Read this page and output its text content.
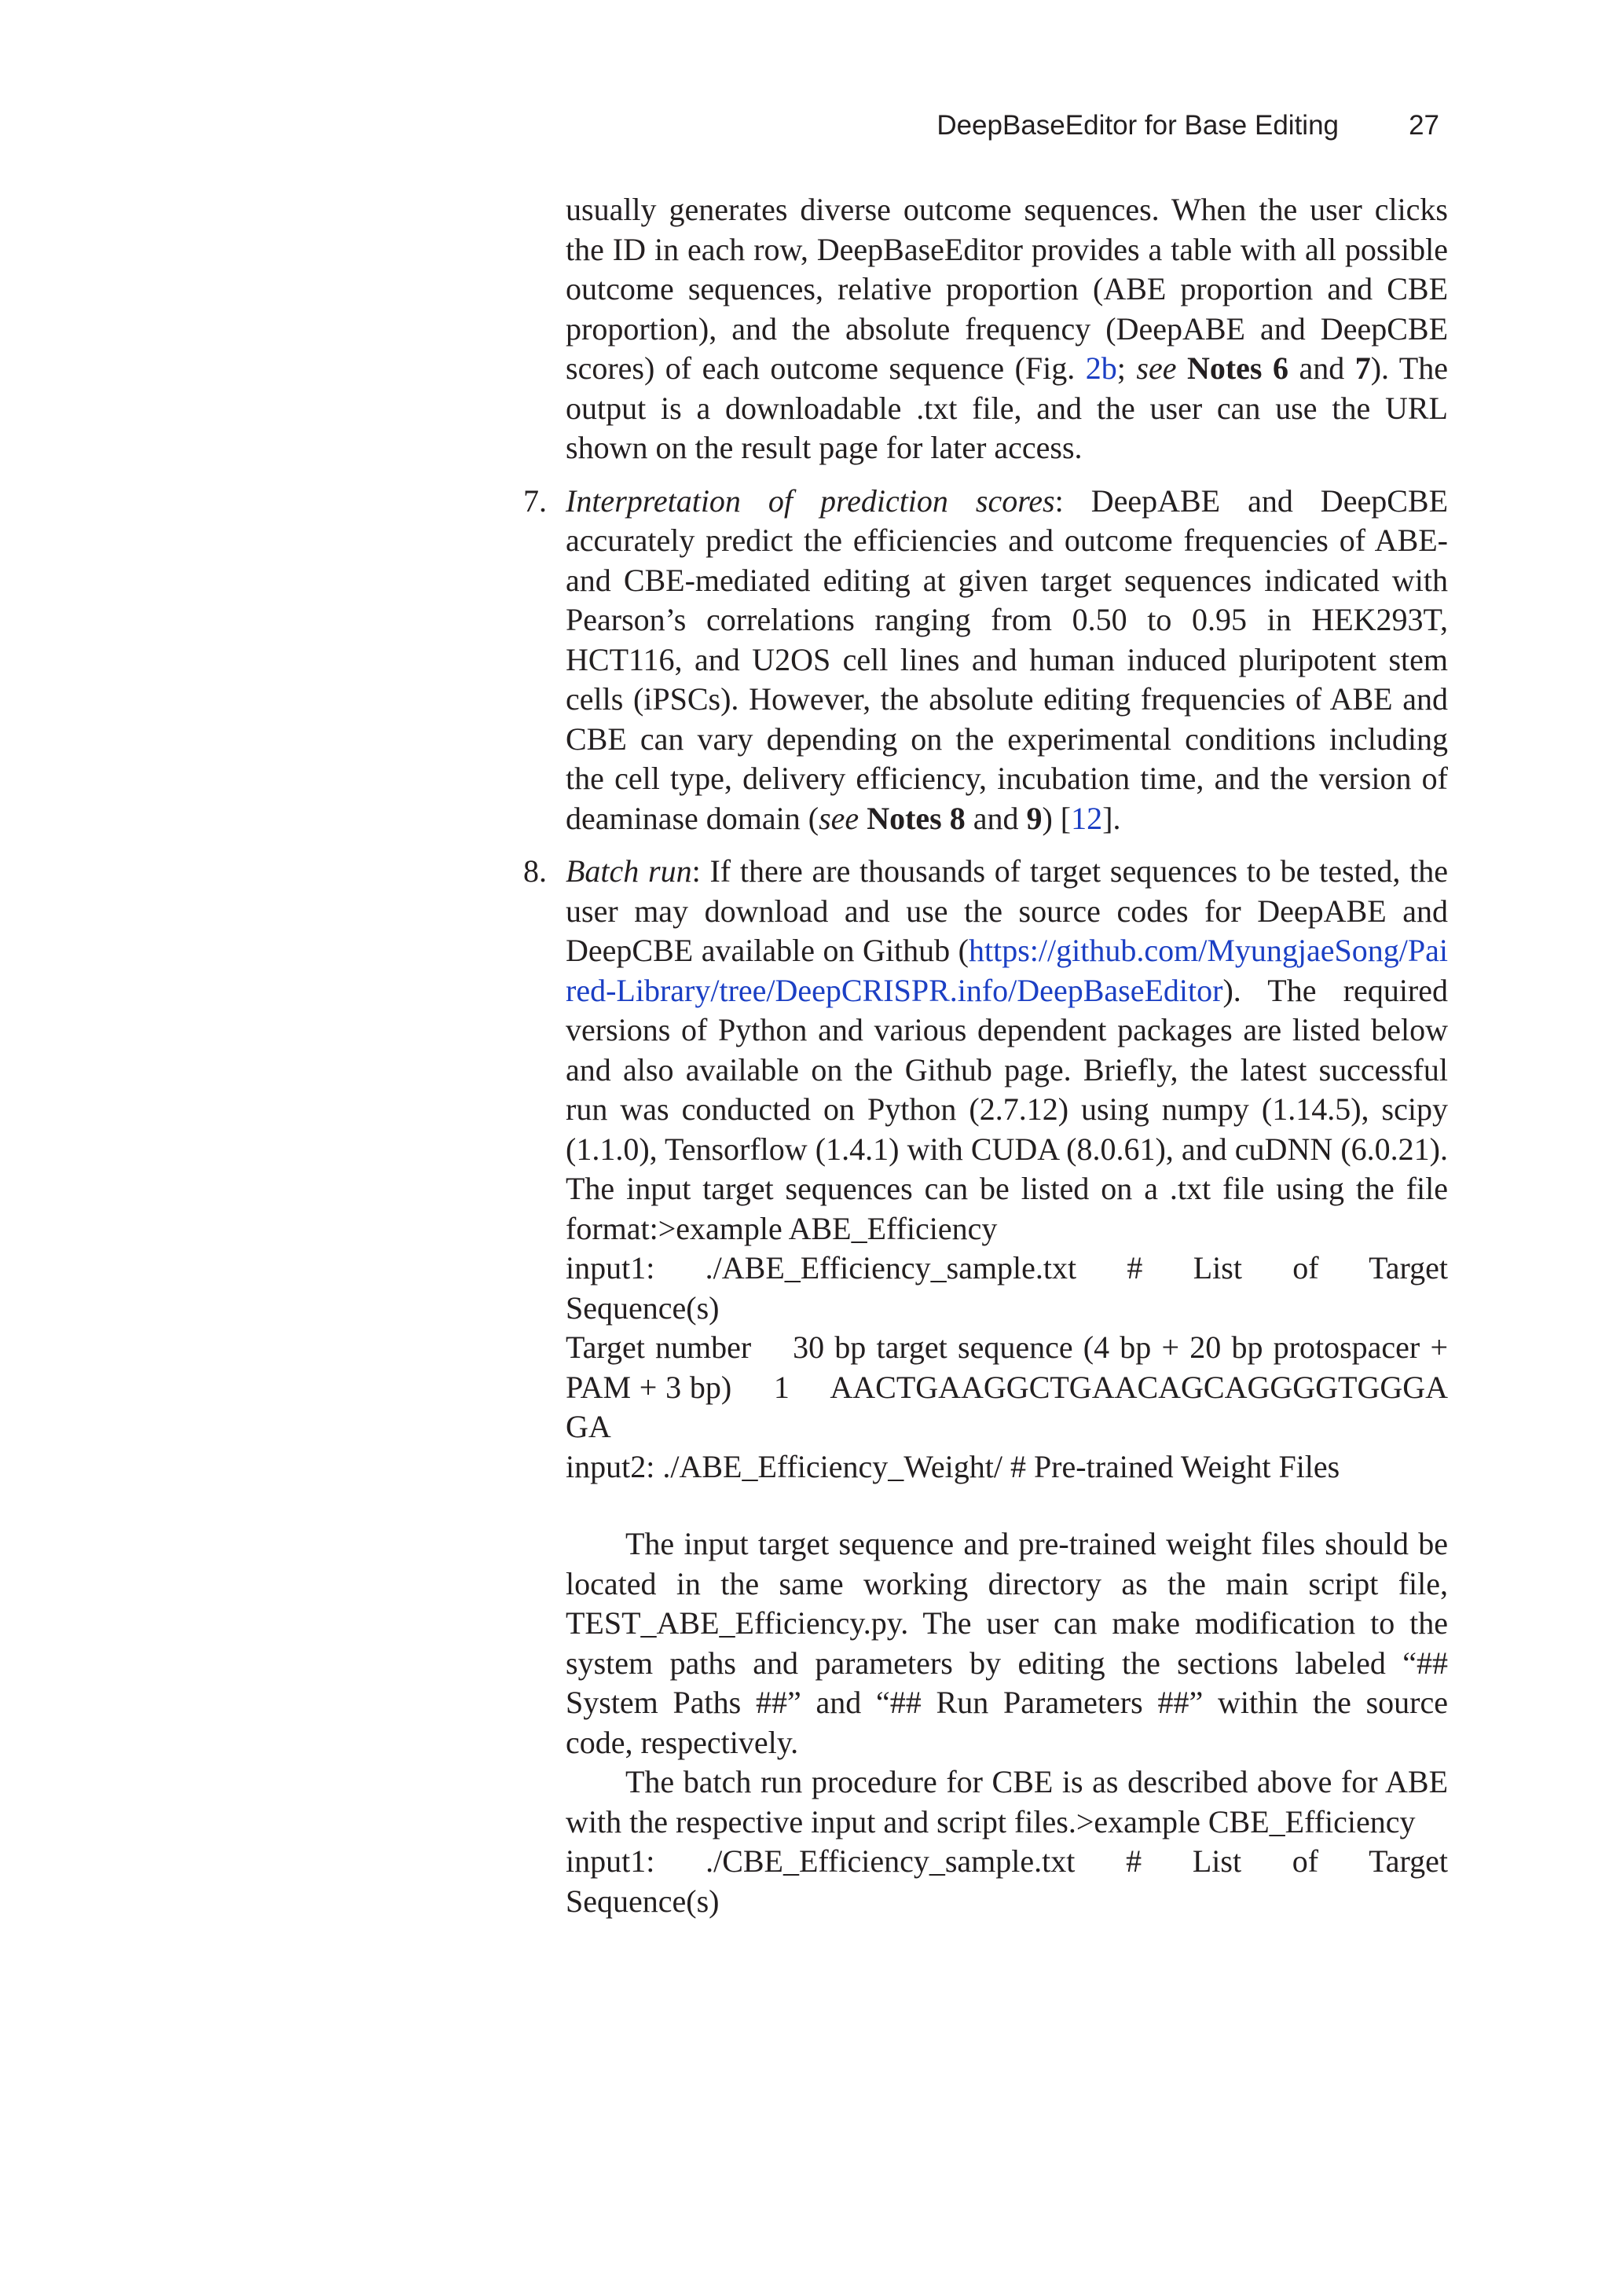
DeepBaseEditor for Base Editing	27

usually generates diverse outcome sequences. When the user clicks the ID in each row, DeepBaseEditor provides a table with all possible outcome sequences, relative proportion (ABE proportion and CBE proportion), and the absolute frequency (DeepABE and DeepCBE scores) of each outcome sequence (Fig. 2b; see Notes 6 and 7). The output is a downloadable .txt file, and the user can use the URL shown on the result page for later access.

7. Interpretation of prediction scores: DeepABE and DeepCBE accurately predict the efficiencies and outcome frequencies of ABE- and CBE-mediated editing at given target sequences indicated with Pearson’s correlations ranging from 0.50 to 0.95 in HEK293T, HCT116, and U2OS cell lines and human induced pluripotent stem cells (iPSCs). However, the absolute editing frequencies of ABE and CBE can vary depending on the experimental conditions including the cell type, delivery efficiency, incubation time, and the version of deaminase domain (see Notes 8 and 9) [12].

8. Batch run: If there are thousands of target sequences to be tested, the user may download and use the source codes for DeepABE and DeepCBE available on Github (https://github.com/MyungjaeSong/Paired-Library/tree/DeepCRISPR.info/DeepBaseEditor). The required versions of Python and various dependent packages are listed below and also available on the Github page. Briefly, the latest successful run was conducted on Python (2.7.12) using numpy (1.14.5), scipy (1.1.0), Tensorflow (1.4.1) with CUDA (8.0.61), and cuDNN (6.0.21). The input target sequences can be listed on a .txt file using the file format:>example ABE_Efficiency

input1: ./ABE_Efficiency_sample.txt # List of Target
Sequence(s)

Target number 30 bp target sequence (4 bp + 20 bp protospacer + PAM + 3 bp) 1 AACTGAAGGCTGAACAGCAGGGGTGGGAGA

input2: ./ABE_Efficiency_Weight/ # Pre-trained Weight Files

The input target sequence and pre-trained weight files should be located in the same working directory as the main script file, TEST_ABE_Efficiency.py. The user can make modification to the system paths and parameters by editing the sections labeled “## System Paths ##” and “## Run Parameters ##” within the source code, respectively.

The batch run procedure for CBE is as described above for ABE with the respective input and script files.>example CBE_Efficiency

input1: ./CBE_Efficiency_sample.txt # List of Target
Sequence(s)
